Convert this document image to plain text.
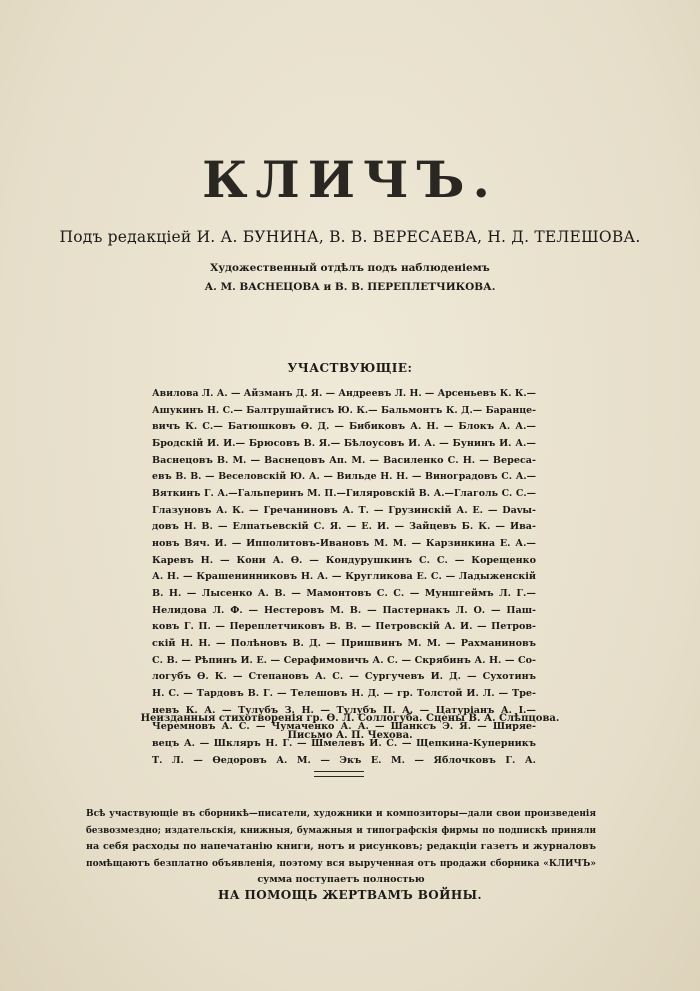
КЛИЧЪ.
Подъ редакціей И. А. БУНИНА, В. В. ВЕРЕСАЕВА, Н. Д. ТЕЛЕШОВА.
Художественный отдѣлъ подъ наблюденіемъ
А. М. ВАСНЕЦОВА и В. В. ПЕРЕПЛЕТЧИКОВА.
УЧАСТВУЮЩІЕ:
Авилова Л. А. — Айзманъ Д. Я. — Андреевъ Л. Н. — Арсеньевъ К. К.—
Ашукинъ Н. С.— Балтрушайтисъ Ю. К.— Бальмонтъ К. Д.— Баранце-
вичъ К. С.— Батюшковъ Ѳ. Д. — Бибиковъ А. Н. — Блокъ А. А.—
Бродскій И. И.— Брюсовъ В. Я.— Бѣлоусовъ И. А. — Бунинъ И. А.—
Васнецовъ В. М. — Васнецовъ Ап. М. — Василенко С. Н. — Вереса-
евъ В. В. — Веселовскій Ю. А. — Вильде Н. Н. — Виноградовъ С. А.—
Вяткинъ Г. А.—Гальперинъ М. П.—Гиляровскій В. А.—Глаголь С. С.—
Глазуновъ А. К. — Гречаниновъ А. Т. — Грузинскій А. Е. — Davы-
довъ Н. В. — Елпатьевскій С. Я. — Е. И. — Зайцевъ Б. К. — Ива-
новъ Вяч. И. — Ипполитовъ-Ивановъ М. М. — Карзинкина Е. А.—
Каревъ Н. — Кони А. Ѳ. — Кондурушкинъ С. С. — Корещенко
А. Н. — Крашенинниковъ Н. А. — Кругликова Е. С. — Ладыженскій
В. Н. — Лысенко А. В. — Мамонтовъ С. С. — Муншгеймъ Л. Г.—
Нелидова Л. Ф. — Нестеровъ М. В. — Пастернакъ Л. О. — Паш-
ковъ Г. П. — Переплетчиковъ В. В. — Петровскій А. И. — Петров-
скій Н. Н. — Полѣновъ В. Д. — Пришвинъ М. М. — Рахманиновъ
С. В. — Рѣпинъ И. Е. — Серафимовичъ А. С. — Скрябинъ А. Н. — Со-
логубъ Ѳ. К. — Степановъ А. С. — Сургучевъ И. Д. — Сухотинъ
Н. С. — Тардовъ В. Г. — Телешовъ Н. Д. — гр. Толстой И. Л. — Тре-
невъ К. А. — Тулубъ З. Н. — Тулубъ П. А. — Цатуріанъ А. І.—
Черемновъ А. С. — Чумаченко А. А. — Шанксъ Э. Я. — Ширяе-
вецъ А. — Шкляръ Н. Г. — Шмелевъ И. С. — Щепкина-Куперникъ
Т. Л. — Ѳедоровъ А. М. — Экъ Е. М. — Яблочковъ Г. А.
Неизданныя стихотворенія гр. Ѳ. Л. Соллогуба. Сцены В. А. Слѣпцова.
Письмо А. П. Чехова.
Всѣ участвующіе въ сборникѣ—писатели, художники и композиторы—дали свои произведенія
безвозмездно; издательскія, книжныя, бумажныя и типографскія фирмы по подпискѣ приняли
на себя расходы по напечатанію книги, нотъ и рисунковъ; редакціи газетъ и журналовъ
помѣщаютъ безплатно объявленія, поэтому вся вырученная отъ продажи сборника «КЛИЧЪ»
сумма поступаетъ полностью
НА ПОМОЩЬ ЖЕРТВАМЪ ВОЙНЫ.
